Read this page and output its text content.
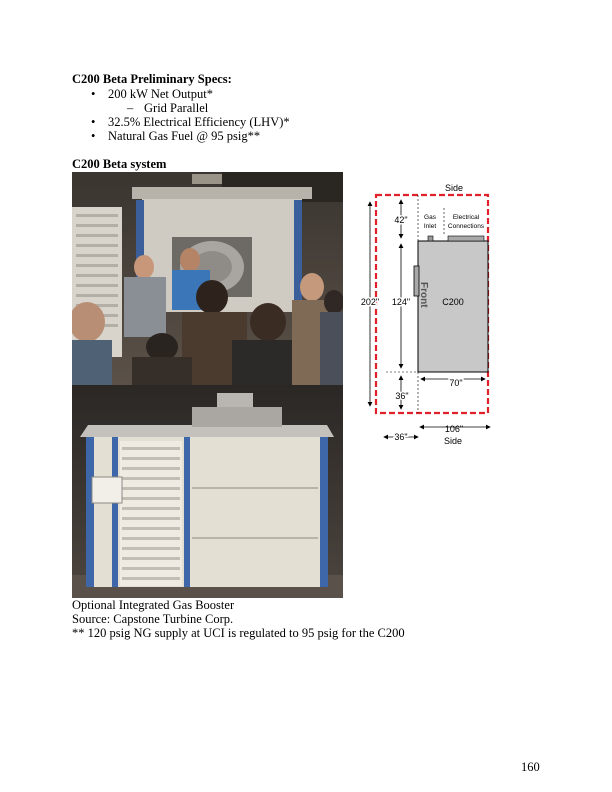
C200 Beta Preliminary Specs:
• 200 kW Net Output*
– Grid Parallel
• 32.5% Electrical Efficiency (LHV)*
• Natural Gas Fuel @ 95 psig**
C200 Beta system
Side
Gas
Inlet
Electrical
Connections
42"
202" 124"	C200
Front
70"
36"
106"
Side
36"
Optional Integrated Gas Booster
Source: Capstone Turbine Corp.
** 120 psig NG supply at UCI is regulated to 95 psig for the C200
160
